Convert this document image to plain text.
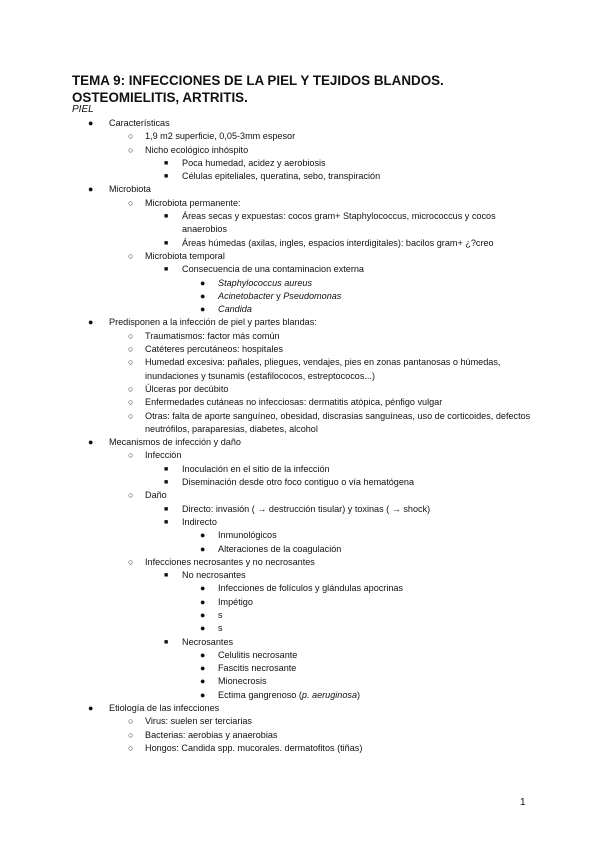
TEMA 9: INFECCIONES DE LA PIEL Y TEJIDOS BLANDOS. OSTEOMIELITIS, ARTRITIS.

PIEL

● Características
○ 1,9 m2 superficie, 0,05-3mm espesor
○ Nicho ecológico inhóspito
■ Poca humedad, acidez y aerobiosis
■ Células epiteliales, queratina, sebo, transpiración
● Microbiota
○ Microbiota permanente:
■ Áreas secas y expuestas: cocos gram+ Staphylococcus, micrococcus y cocos anaerobios
■ Áreas húmedas (axilas, ingles, espacios interdigitales): bacilos gram+ ¿?creo
○ Microbiota temporal
■ Consecuencia de una contaminacion externa
● Staphylococcus aureus
● Acinetobacter y Pseudomonas
● Candida
● Predisponen a la infección de piel y partes blandas:
○ Traumatismos: factor más común
○ Catéteres percutáneos: hospitales
○ Humedad excesiva: pañales, pliegues, vendajes, pies en zonas pantanosas o húmedas, inundaciones y tsunamis (estafilococos, estreptococos...)
○ Úlceras por decúbito
○ Enfermedades cutáneas no infecciosas: dermatitis atópica, pénfigo vulgar
○ Otras: falta de aporte sanguíneo, obesidad, discrasias sanguíneas, uso de corticoides, defectos neutrófilos, paraparesias, diabetes, alcohol
● Mecanismos de infección y daño
○ Infección
■ Inoculación en el sitio de la infección
■ Diseminación desde otro foco contiguo o vía hematógena
○ Daño
■ Directo: invasión ( → destrucción tisular) y toxinas ( → shock)
■ Indirecto
● Inmunológicos
● Alteraciones de la coagulación
○ Infecciones necrosantes y no necrosantes
■ No necrosantes
● Infecciones de folículos y glándulas apocrinas
● Impétigo
● s
● s
■ Necrosantes
● Celulitis necrosante
● Fascitis necrosante
● Mionecrosis
● Ectima gangrenoso (p. aeruginosa)
● Etiología de las infecciones
○ Virus: suelen ser terciarias
○ Bacterias: aerobias y anaerobias
○ Hongos: Candida spp. mucorales. dermatofitos (tiñas)
1
